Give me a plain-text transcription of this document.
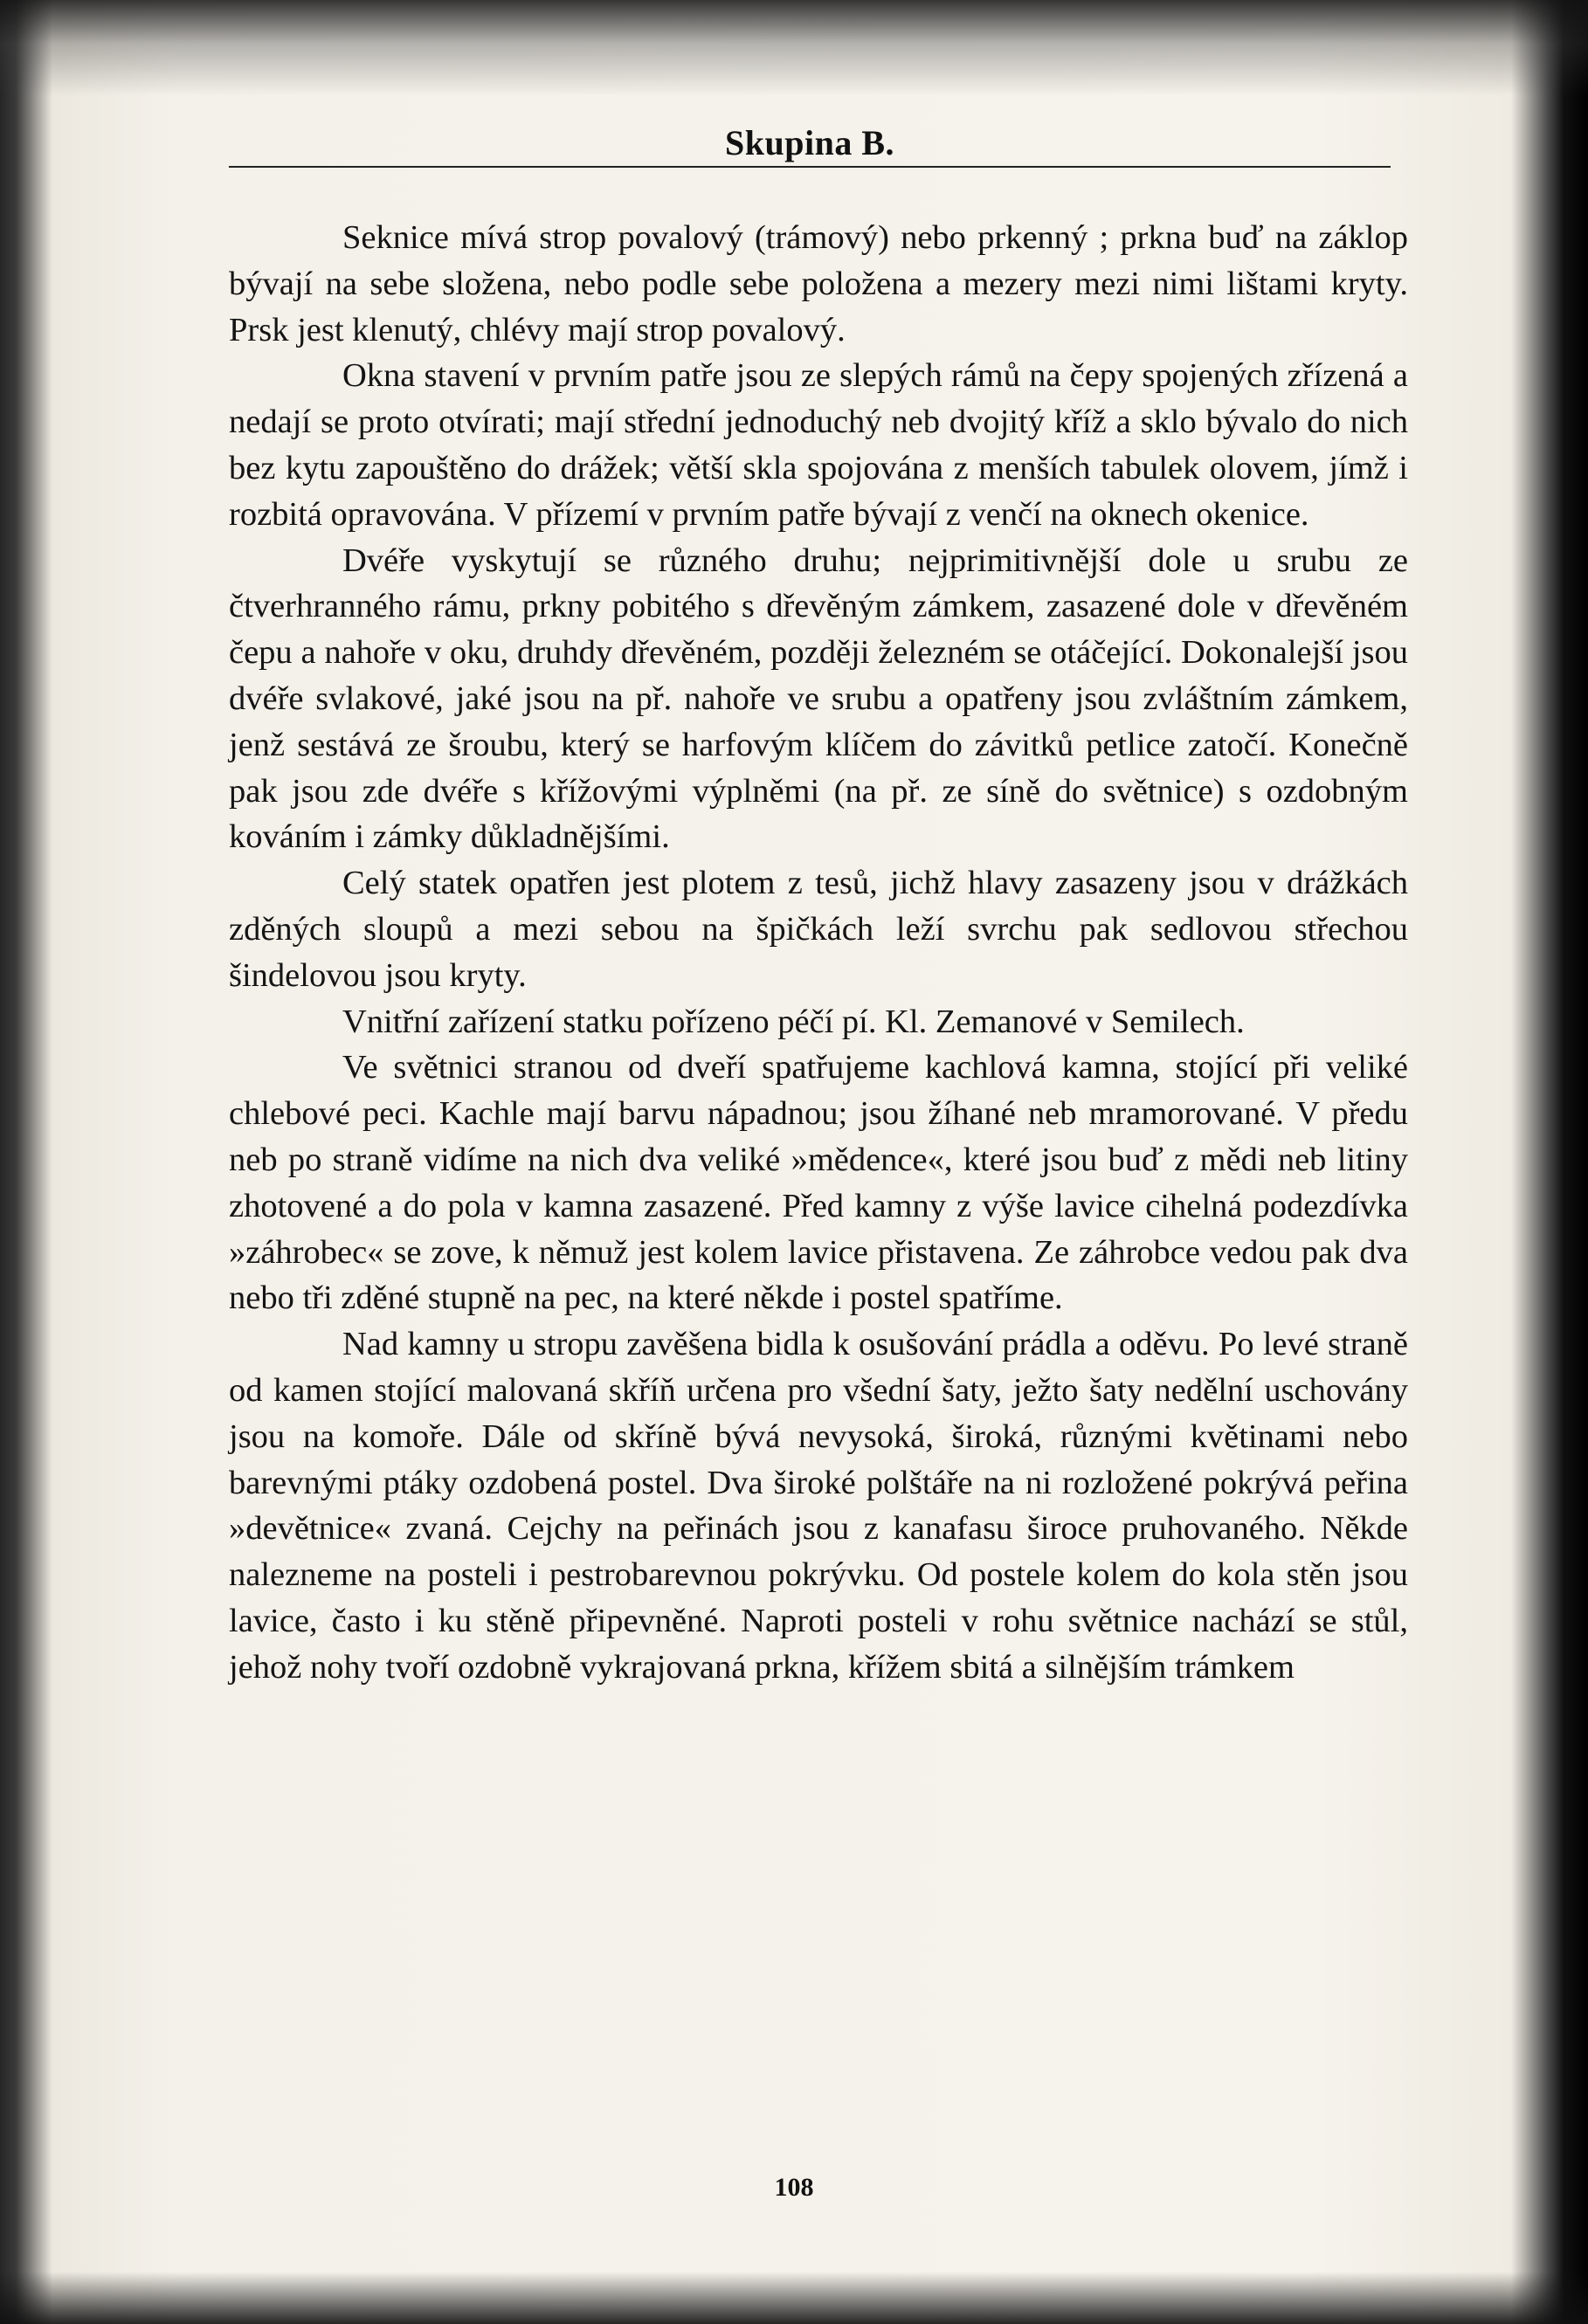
Skupina B.

Seknice mívá strop povalový (trámový) nebo prkenný ; prkna buď na záklop bývají na sebe složena, nebo podle sebe položena a mezery mezi nimi lištami kryty. Prsk jest klenutý, chlévy mají strop povalový.

Okna stavení v prvním patře jsou ze slepých rámů na čepy spojených zřízená a nedají se proto otvírati; mají střední jednoduchý neb dvojitý kříž a sklo bývalo do nich bez kytu zapouštěno do drážek; větší skla spojována z menších tabulek olovem, jímž i rozbitá opravována. V přízemí v prvním patře bývají z venčí na oknech okenice.

Dvéře vyskytují se různého druhu; nejprimitivnější dole u srubu ze čtverhranného rámu, prkny pobitého s dřevěným zámkem, zasazené dole v dřevěném čepu a nahoře v oku, druhdy dřevěném, později železném se otáčející. Dokonalejší jsou dvéře svlakové, jaké jsou na př. nahoře ve srubu a opatřeny jsou zvláštním zámkem, jenž sestává ze šroubu, který se harfovým klíčem do závitků petlice zatočí. Konečně pak jsou zde dvéře s křížovými výplněmi (na př. ze síně do světnice) s ozdobným kováním i zámky důkladnějšími.

Celý statek opatřen jest plotem z tesů, jichž hlavy zasazeny jsou v drážkách zděných sloupů a mezi sebou na špičkách leží svrchu pak sedlovou střechou šindelovou jsou kryty.

Vnitřní zařízení statku pořízeno péčí pí. Kl. Zemanové v Semilech.

Ve světnici stranou od dveří spatřujeme kachlová kamna, stojící při veliké chlebové peci. Kachle mají barvu nápadnou; jsou žíhané neb mramorované. V předu neb po straně vidíme na nich dva veliké »mědence«, které jsou buď z mědi neb litiny zhotovené a do pola v kamna zasazené. Před kamny z výše lavice cihelná podezdívka »záhrobec« se zove, k němuž jest kolem lavice přistavena. Ze záhrobce vedou pak dva nebo tři zděné stupně na pec, na které někde i postel spatříme.

Nad kamny u stropu zavěšena bidla k osušování prádla a oděvu. Po levé straně od kamen stojící malovaná skříň určena pro všední šaty, ježto šaty nedělní uschovány jsou na komoře. Dále od skříně bývá nevysoká, široká, různými květinami nebo barevnými ptáky ozdobená postel. Dva široké polštáře na ni rozložené pokrývá peřina »devětnice« zvaná. Cejchy na peřinách jsou z kanafasu široce pruhovaného. Někde nalezneme na posteli i pestrobarevnou pokrývku. Od postele kolem do kola stěn jsou lavice, často i ku stěně připevněné. Naproti posteli v rohu světnice nachází se stůl, jehož nohy tvoří ozdobně vykrajovaná prkna, křížem sbitá a silnějším trámkem

108
